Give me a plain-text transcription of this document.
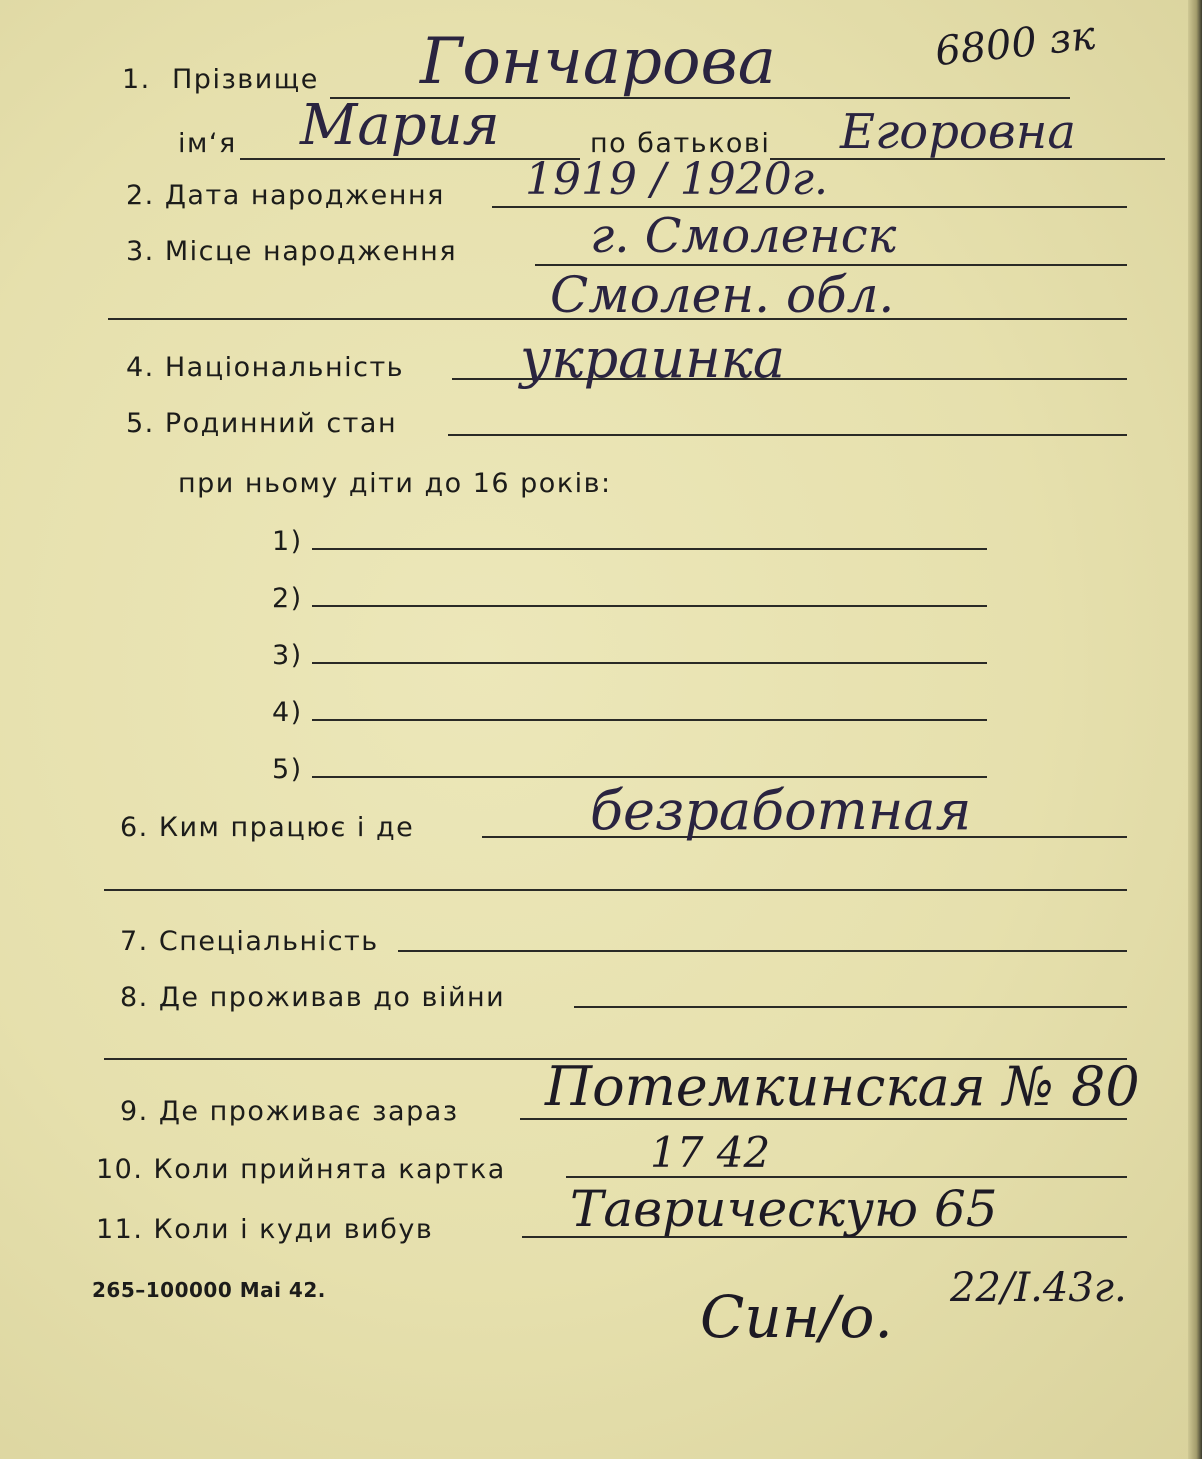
1. Прізвище Гончарова	6800 зк
ім‘я Мария	по батькові Егоровна
2. Дата народження 1919 / 1920г.
3. Місце народження	г. Смоленск
Смолен. обл.
4. Національність украинка
5. Родинний стан
при ньому діти до 16 років:
1)
2)
3)
4)
5)
6. Ким працює і де	безработная
7. Спеціальність
8. Де проживав до війни
9. Де проживає зараз Потемкинская № 80
10. Коли прийнята картка	17 42
11. Коли і куди вибув	Таврическую 65
265–100000 Маі 42.	Син/о. 22/I.43г.
